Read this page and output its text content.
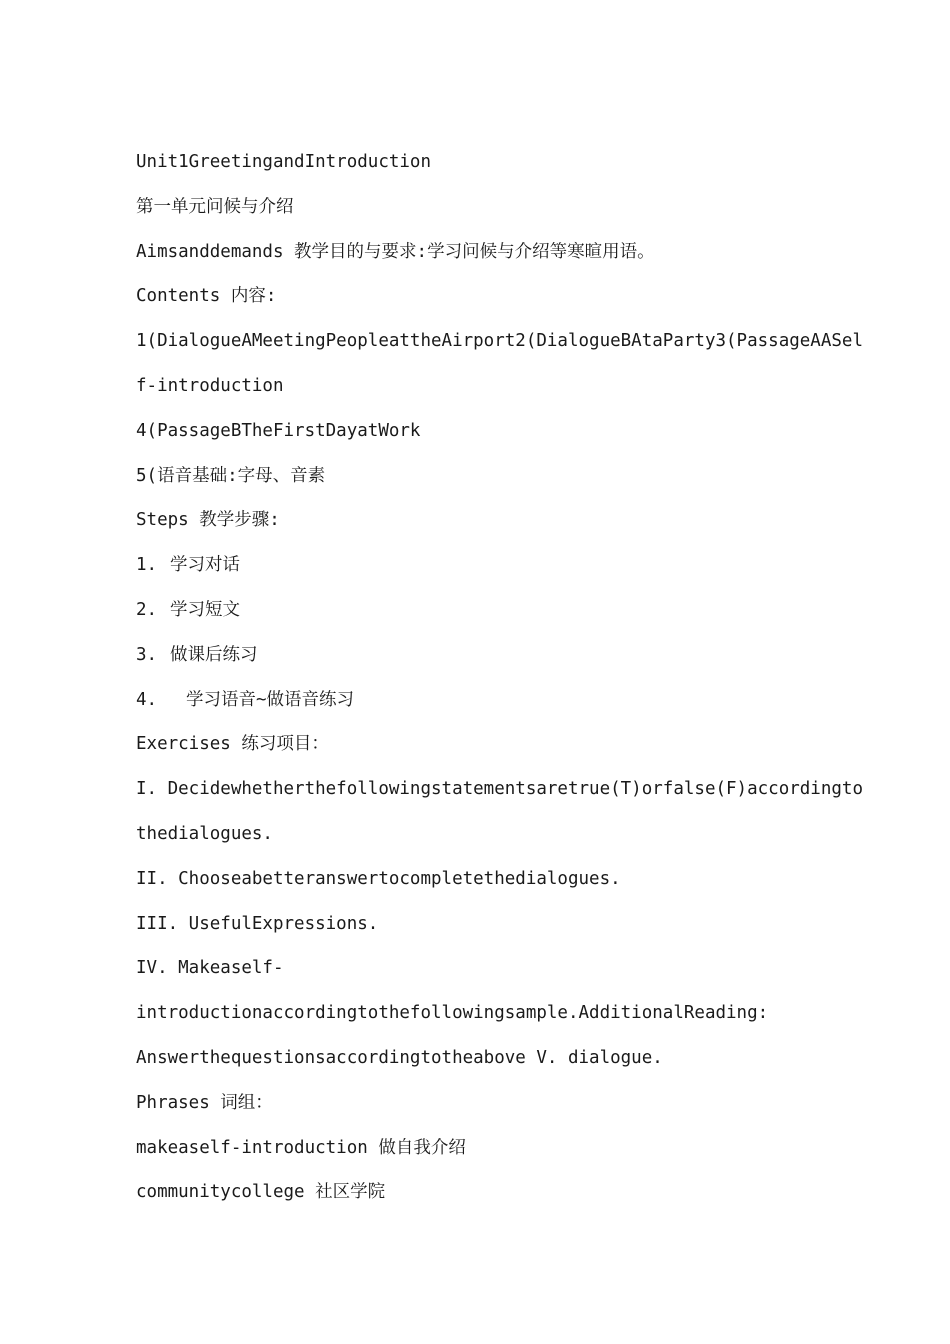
Unit1GreetingandIntroduction
第一单元问候与介绍
Aimsanddemands 教学目的与要求:学习问候与介绍等寒暄用语。
Contents 内容:
1(DialogueAMeetingPeopleattheAirport2(DialogueBAtaParty3(PassageAASel
f-introduction
4(PassageBTheFirstDayatWork
5(语音基础:字母、音素
Steps 教学步骤:
1. 学习对话
2. 学习短文
3. 做课后练习
4. 学习语音~做语音练习
Exercises 练习项目：
I. Decidewhetherthefollowingstatementsaretrue(T)orfalse(F)accordingto
thedialogues.
II. Chooseabetteranswertocompletethedialogues.
III. UsefulExpressions.
IV. Makeaself-
introductionaccordingtothefollowingsample.AdditionalReading:
Answerthequestionsaccordingtotheabove V. dialogue.
Phrases 词组：
makeaself-introduction 做自我介绍
communitycollege 社区学院
